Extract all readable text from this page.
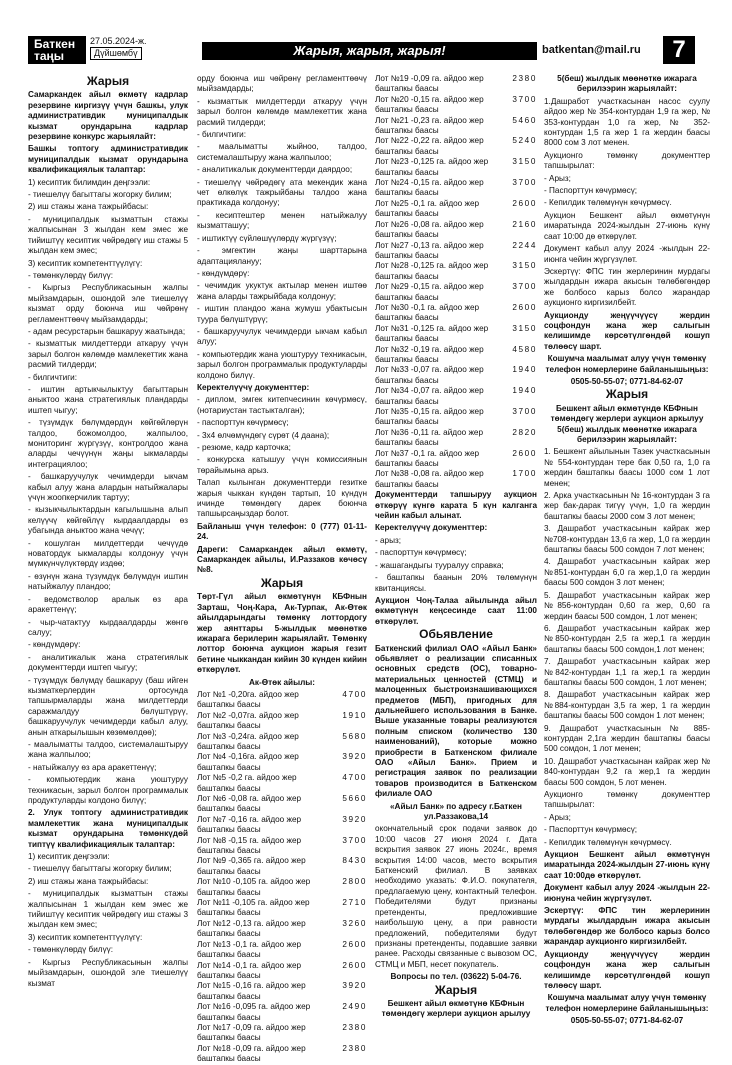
Баткен
таңы
27.05.2024-ж.
Дүйшөмбү	Жарыя, жарыя, жарыя!	batkentan@mail.ru	7
Жарыя

Самаркандек айыл өкмөтү кадрлар резервине киргизүү үчүн башкы, улук административдик муниципалдык кызмат орундарына кадрлар резервине конкурс жарыялайт:

Башкы топтогу административдик муниципалдык кызмат орундарына квалификациялык талаптар:

1) кесиптик билимдин деңгээли:

- тиешелүү багыттагы жогорку билим;

2) иш стажы жана тажрыйбасы:

- муниципалдык кызматтын стажы жалпысынан 3 жылдан кем эмес же тийиштүү кесиптик чөйрөдөгү иш стажы 5 жылдан кем эмес;

3) кесиптик компетенттүүлүгү:

- төмөнкүлөрдү билүү:

- Кыргыз Республикасынын жалпы мыйзамдарын, ошондой эле тиешелүү кызмат орду боюнча иш чөйрөнү регламенттөөчү мыйзамдарды;

- адам ресурстарын башкаруу жаатында;

- кызматтык милдеттерди аткаруу үчүн зарыл болгон көлөмдө мамлекеттик жана расмий тилдерди;

- билгичтиги:

- иштин артыкчылыктуу багыттарын аныктоо жана стратегиялык пландарды иштеп чыгуу;

- түзүмдүк бөлүмдөрдүн көйгөйлөрүн талдоо, божомолдоо, жалпылоо, мониторинг жүргүзүү, контролдоо жана аларды чечүүнүн жаңы ыкмаларды интеграциялоо;

- башкаруучулук чечимдерди ыкчам кабыл алуу жана алардын натыйжалары үчүн жоопкерчилик тартуу;

- кызыкчылыктардын кагылышына алып келүүчү көйгөйлүү кырдаалдарды өз убагында аныктоо жана чечүү;

- кошулган милдеттерди чечүүдө новатордук ыкмаларды колдонуу үчүн мүмкүнчүлүктөрдү издөө;

- өзүнүн жана түзүмдүк бөлүмдүн иштин натыйжалуу пландоо;

- ведомстволор аралык өз ара аракеттенүү;

- чыр-чатактуу кырдаалдарды жөнгө салуу;

- көндүмдөрү:

- аналитикалык жана стратегиялык документтерди иштеп чыгуу;

- түзүмдүк бөлүмдү башкаруу (баш ийген кызматкерлердин ортосунда тапшырмаларды жана милдеттерди саражмалдуу бөлүштүрүү, башкаруучулук чечимдерди кабыл алуу, анын аткарылышын көзөмөлдөө);

- маалыматты талдоо, системалаштыруу жана жалпылоо;

- натыйжалуу өз ара аракеттенүү;

- компьютердик жана уюштуруу техникасын, зарыл болгон программалык продуктуларды колдоно билүү;

2. Улук топтогу административдик мамлекеттик жана муниципалдык кызмат орундарына төмөнкүдөй типтүү квалификациялык талаптар:

1) кесиптик деңгээли:

- тиешелүү багыттагы жогорку билим;

2) иш стажы жана тажрыйбасы:

- муниципалдык кызматтын стажы жалпысынан 1 жылдан кем эмес же тийиштүү кесиптик чөйрөдөгү иш стажы 3 жылдан кем эмес;

3) кесиптик компетенттүүлүгү:

- төмөнкүлөрдү билүү:

- Кыргыз Республикасынын жалпы мыйзамдарын, ошондой эле тиешелүү кызмат

орду боюнча иш чөйрөнү регламенттөөчү мыйзамдарды;

- кызматтык милдеттерди аткаруу үчүн зарыл болгон көлөмдө мамлекеттик жана расмий тилдерди;

- билгичтиги:

- маалыматты жыйноо, талдоо, системалаштыруу жана жалпылоо;

- аналитикалык документтерди даярдоо;

- тиешелүү чөйрөдөгү ата мекендик жана чет өлкөлүк тажрыйбаны талдоо жана практикада колдонуу;

- кесиптештер менен натыйжалуу кызматташуу;

- иштиктүү сүйлөшүүлөрдү жүргүзүү;

- эмгектин жаңы шарттарына адаптациялануу;

- көндүмдөрү:

- чечимдик укуктук актылар менен иштөө жана аларды тажрыйбада колдонуу;

- иштин пландоо жана жумуш убактысын туура бөлүштүрүү;

- башкаруучулук чечимдерди ыкчам кабыл алуу;

- компьютердик жана уюштуруу техникасын, зарыл болгон программалык продуктуларды колдоно билүү.

Керектелүүчү документтер:

- диплом, эмгек китепчесинин көчүрмөсү, (нотариустан тастыкталган);

- паспорттун көчүрмөсү;

- 3х4 өлчөмүндөгү сүрөт (4 даана);

- резюме, кадр карточка;

- конкурска катышуу үчүн комиссиянын төрайымына арыз.

Талап кылынган документтерди гезитке жарыя чыккан күндөн тартып, 10 күндүн ичинде төмөндөгү дарек боюнча тапшырсаңыздар болот.

Байланыш үчүн телефон: 0 (777) 01-11-24.

Дареги: Самаркандек айыл өкмөтү, Самаркандек айылы, И.Раззаков көчөсү №8.

Жарыя

Төрт-Гүл айыл өкмөтүнүн КБФнын Зарташ, Чоң-Кара, Ак-Турпак, Ак-Өтөк айылдарындагы төмөнкү лоттордогу жер аянттары 5-жылдык мөөнөткө ижарага берилерин жарыялайт. Төмөнкү лоттор боюнча аукцион жарыя гезит бетине чыккандан кийин 30 күнден кийин өткөрүлөт.

Ак-Өтөк айылы:

Лот №1 -0,20га. айдоо жер	4700
баштапкы баасы
Лот №2 -0,07га. айдоо жер	1910
баштапкы баасы
Лот №3 -0,24га. айдоо жер	5680
баштапкы баасы
Лот №4 -0,16га. айдоо жер	3920
баштапкы баасы
Лот №5 -0,2 га. айдоо жер	4700
баштапкы баасы
Лот №6 -0,08 га. айдоо жер	5660
баштапкы баасы
Лот №7 -0,16 га. айдоо жер	3920
баштапкы баасы
Лот №8 -0,15 га. айдоо жер	3700
баштапкы баасы
Лот №9 -0,365 га. айдоо жер	8430
баштапкы баасы
Лот №10 -0,105 га. айдоо жер	2800
баштапкы баасы
Лот №11 -0,105 га. айдоо жер	2710
баштапкы баасы
Лот №12 -0,13 га. айдоо жер	3260
баштапкы баасы
Лот №13 -0,1 га. айдоо жер	2600
баштапкы баасы
Лот №14 -0,1 га. айдоо жер	2600
баштапкы баасы
Лот №15 -0,16 га. айдоо жер	3920
баштапкы баасы
Лот №16 -0,095 га. айдоо жер	2490
баштапкы баасы
Лот №17 -0,09 га. айдоо жер	2380
баштапкы баасы
Лот №18 -0,09 га. айдоо жер	2380
баштапкы баасы
Лот №19 -0,09 га. айдоо жер	2380
баштапкы баасы
Лот №20 -0,15 га. айдоо жер	3700
баштапкы баасы
Лот №21 -0,23 га. айдоо жер	5460
баштапкы баасы
Лот №22 -0,22 га. айдоо жер	5240
баштапкы баасы
Лот №23 -0,125 га. айдоо жер	3150
баштапкы баасы
Лот №24 -0,15 га. айдоо жер	3700
баштапкы баасы
Лот №25 -0,1 га. айдоо жер	2600
баштапкы баасы
Лот №26 -0,08 га. айдоо жер	2160
баштапкы баасы
Лот №27 -0,13 га. айдоо жер	2244
баштапкы баасы
Лот №28 -0,125 га. айдоо жер	3150
баштапкы баасы
Лот №29 -0,15 га. айдоо жер	3700
баштапкы баасы
Лот №30 -0,1 га. айдоо жер	2600
баштапкы баасы
Лот №31 -0,125 га. айдоо жер	3150
баштапкы баасы
Лот №32 -0,19 га. айдоо жер	4580
баштапкы баасы
Лот №33 -0,07 га. айдоо жер	1940
баштапкы баасы
Лот №34 -0,07 га. айдоо жер	1940
баштапкы баасы
Лот №35 -0,15 га. айдоо жер	3700
баштапкы баасы
Лот №36 -0,11 га. айдоо жер	2820
баштапкы баасы
Лот №37 -0,1 га. айдоо жер	2600
баштапкы баасы
Лот №38 -0,08 га. айдоо жер	1700
баштапкы баасы

Документтерди тапшыруу аукцион өткөрүү күнгө карата 5 күн калганга чейин кабыл алынат.

Керектелүүчү документтер:

- арыз;

- паспорттун көчүрмөсү;

- жашагандыгы тууралуу справка;

- баштапкы баанын 20% төлөмүнүн квитанциясы.

Аукцион Чоң-Талаа айылында айыл өкмөтүнүн кеңсесинде саат 11:00 өткөрүлөт.

Обьявление

Баткенский филиал ОАО «Айыл Банк» обьявляет о реализации списанных основных средств (ОС), товарно-материальных ценностей (СТМЦ) и малоценных быстроизнашивающихся предметов (МБП), пригодных для дальнейшего использования в Банке. Выше указанные товары реализуются полным списком (количество 130 наименований), которые можно приобрести в Баткенском филиале ОАО «Айыл Банк». Прием и регистрация заявок по реализации товаров производится в Баткенском филиале ОАО

«Айыл Банк» по адресу г.Баткен ул.Раззакова,14

окончательный срок подачи заявок до 10:00 часов 27 июня 2024 г. Дата вскрытия заявок 27 июнь 2024г., время вскрытия 14:00 часов, место вскрытия Баткенский филиал. В заявках необходимо указать: Ф.И.О. покупателя, предлагаемую цену, контактный телефон. Победителями будут признаны претенденты, предложившие наибольшую цену, а при равности предложений, победителями будут признаны претенденты, подавшие заявки ранее. Расходы связанные с вывозом ОС, СТМЦ и МБП, несет покупатель.

Вопросы по тел. (03622) 5-04-76.

Жарыя

Бешкент айыл өкмөтүнө КБФнын төмөндөгү жерлери аукцион арылуу

5(беш) жылдык мөөнөткө ижарага берилээрин жарыялайт:

1.Дашработ участкасынан насос суулу айдоо жер № 354-контурдан 1,9 га жер, № 353-контурдан 1,0 га жер, № 352-контурдан 1,5 га жер 1 га жердин баасы 8000 сом 3 лот менен.

Аукционго төмөнкү документтер тапшырылат:

- Арыз;

- Паспорттун көчүрмөсү;

- Кепилдик төлөмүнүн көчүрмөсү.

Аукцион Бешкент айыл өкмөтүнүн имаратында 2024-жылдын 27-июнь күнү саат 10:00 дө өткөрүлөт.

Документ кабыл алуу 2024 -жылдын 22-июнга чейин жүргүзүлөт.

Эскертүү: ФПС тин жерлеринин мурдагы жылдардын ижара акысын төлөбөгөндөр же болбосо карыз болсо жарандар аукционго киргизилбейт.

Аукционду жеңүүчүүсү жердин соцфондун жана жер салыгын келишимде көрсөтүлгөндөй кошуп төлөөсү шарт.

Кошумча маалымат алуу үчүн төмөнкү телефон номерлерине байланышыңыз:

0505-50-55-07; 0771-84-62-07

Жарыя

Бешкент айыл өкмөтүндө КБФнын төмөндөгү жерлери аукцион аркылуу 5(беш) жылдык мөөнөткө ижарага берилээрин жарыялайт:

1. Бешкент айылынын Тазек участкасынын № 554-контурдан тере бак 0,50 га, 1,0 га жердин баштапкы баасы 1000 сом 1 лот менен;

2. Арка участкасынын № 16-контурдан 3 га жер бак-дарак тигүү үчүн, 1,0 га жердин баштапкы баасы 2000 сом 3 лот менен;

3. Дашработ участкасынын кайрак жер №708-контурдан 13,6 га жер, 1,0 га жердин баштапкы баасы 500 сомдон 7 лот менен;

4. Дашработ участкасынын кайрак жер №851-контурдан 6,0 га жер,1,0 га жердин баасы 500 сомдон 3 лот менен;

5. Дашработ участкасынын кайрак жер №856-контурдан 0,60 га жер, 0,60 га жердин баасы 500 сомдон, 1 лот менен;

6. Дашработ участкасынын кайрак жер №850-контурдан 2,5 га жер,1 га жердин баштапкы баасы 500 сомдон,1 лот менен;

7. Дашработ участкасынын кайрак жер №842-контурдан 1,1 га жер,1 га жердин баштапкы баасы 500 сомдон, 1 лот менен;

8. Дашработ участкасынын кайрак жер №884-контурдан 3,5 га жер, 1 га жердин баштапкы баасы 500 сомдон 1 лот менен;

9. Дашработ участкасынын № 885-контурдан 2,1га жердин баштапкы баасы 500 сомдон, 1 лот менен;

10. Дашработ участкасынан кайрак жер № 840-контурдан 9,2 га жер,1 га жердин баасы 500 сомдон, 5 лот менен.

Аукционго төмөнкү документтер тапшырылат:

- Арыз;

- Паспорттун көчүрмөсү;

- Кепилдик төлөмүнүн көчүрмөсү.

Аукцион Бешкент айыл өкмөтүнүн имаратында 2024-жылдын 27-июнь күнү саат 10:00дө өткөрүлөт.

Документ кабыл алуу 2024 -жылдын 22-июнуна чейин жүргүзүлөт.

Эскертүү: ФПС тин жерлеринин мурдагы жылдардын ижара акысын төлөбөгөндөр же болбосо карыз болсо жарандар аукционго киргизилбейт.

Аукционду жеңүүчүүсү жердин соцфондун жана жер салыгын келишимде көрсөтүлгөндөй кошуп төлөөсү шарт.

Кошумча маалымат алуу үчүн төмөнкү телефон номерлерине байланышыңыз:

0505-50-55-07; 0771-84-62-07
